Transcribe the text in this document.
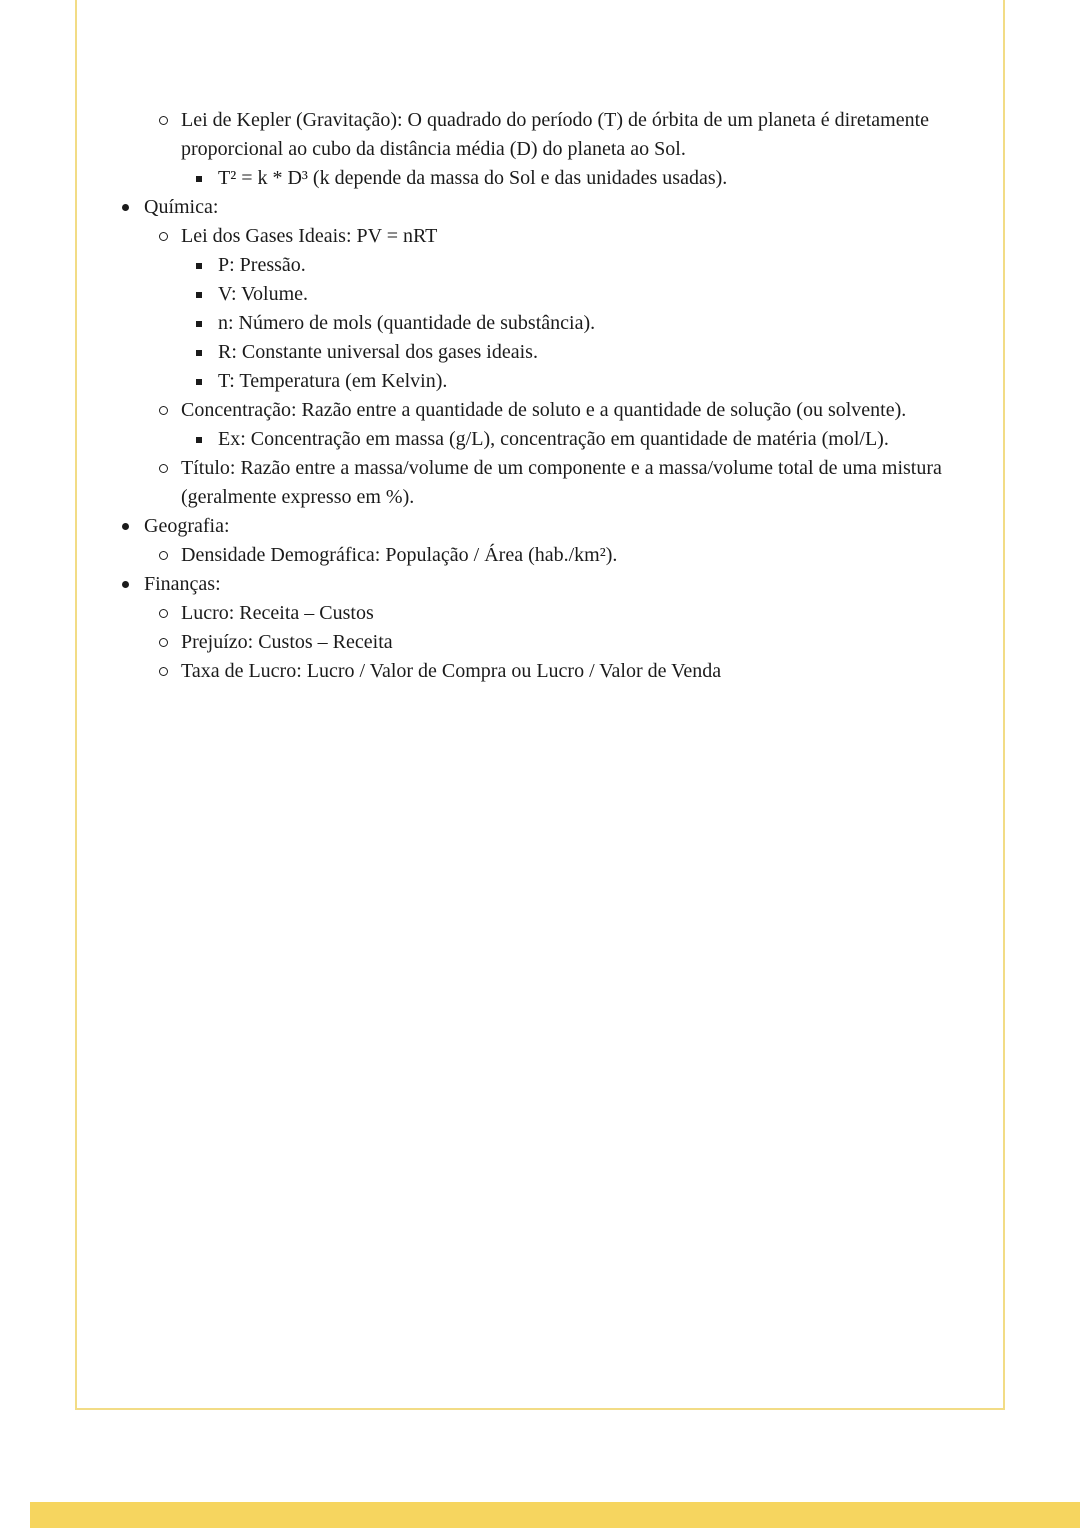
Lei de Kepler (Gravitação): O quadrado do período (T) de órbita de um planeta é diretamente proporcional ao cubo da distância média (D) do planeta ao Sol.
T² = k * D³ (k depende da massa do Sol e das unidades usadas).
Química:
Lei dos Gases Ideais: PV = nRT
P: Pressão.
V: Volume.
n: Número de mols (quantidade de substância).
R: Constante universal dos gases ideais.
T: Temperatura (em Kelvin).
Concentração: Razão entre a quantidade de soluto e a quantidade de solução (ou solvente).
Ex: Concentração em massa (g/L), concentração em quantidade de matéria (mol/L).
Título: Razão entre a massa/volume de um componente e a massa/volume total de uma mistura (geralmente expresso em %).
Geografia:
Densidade Demográfica: População / Área (hab./km²).
Finanças:
Lucro: Receita – Custos
Prejuízo: Custos – Receita
Taxa de Lucro: Lucro / Valor de Compra ou Lucro / Valor de Venda
